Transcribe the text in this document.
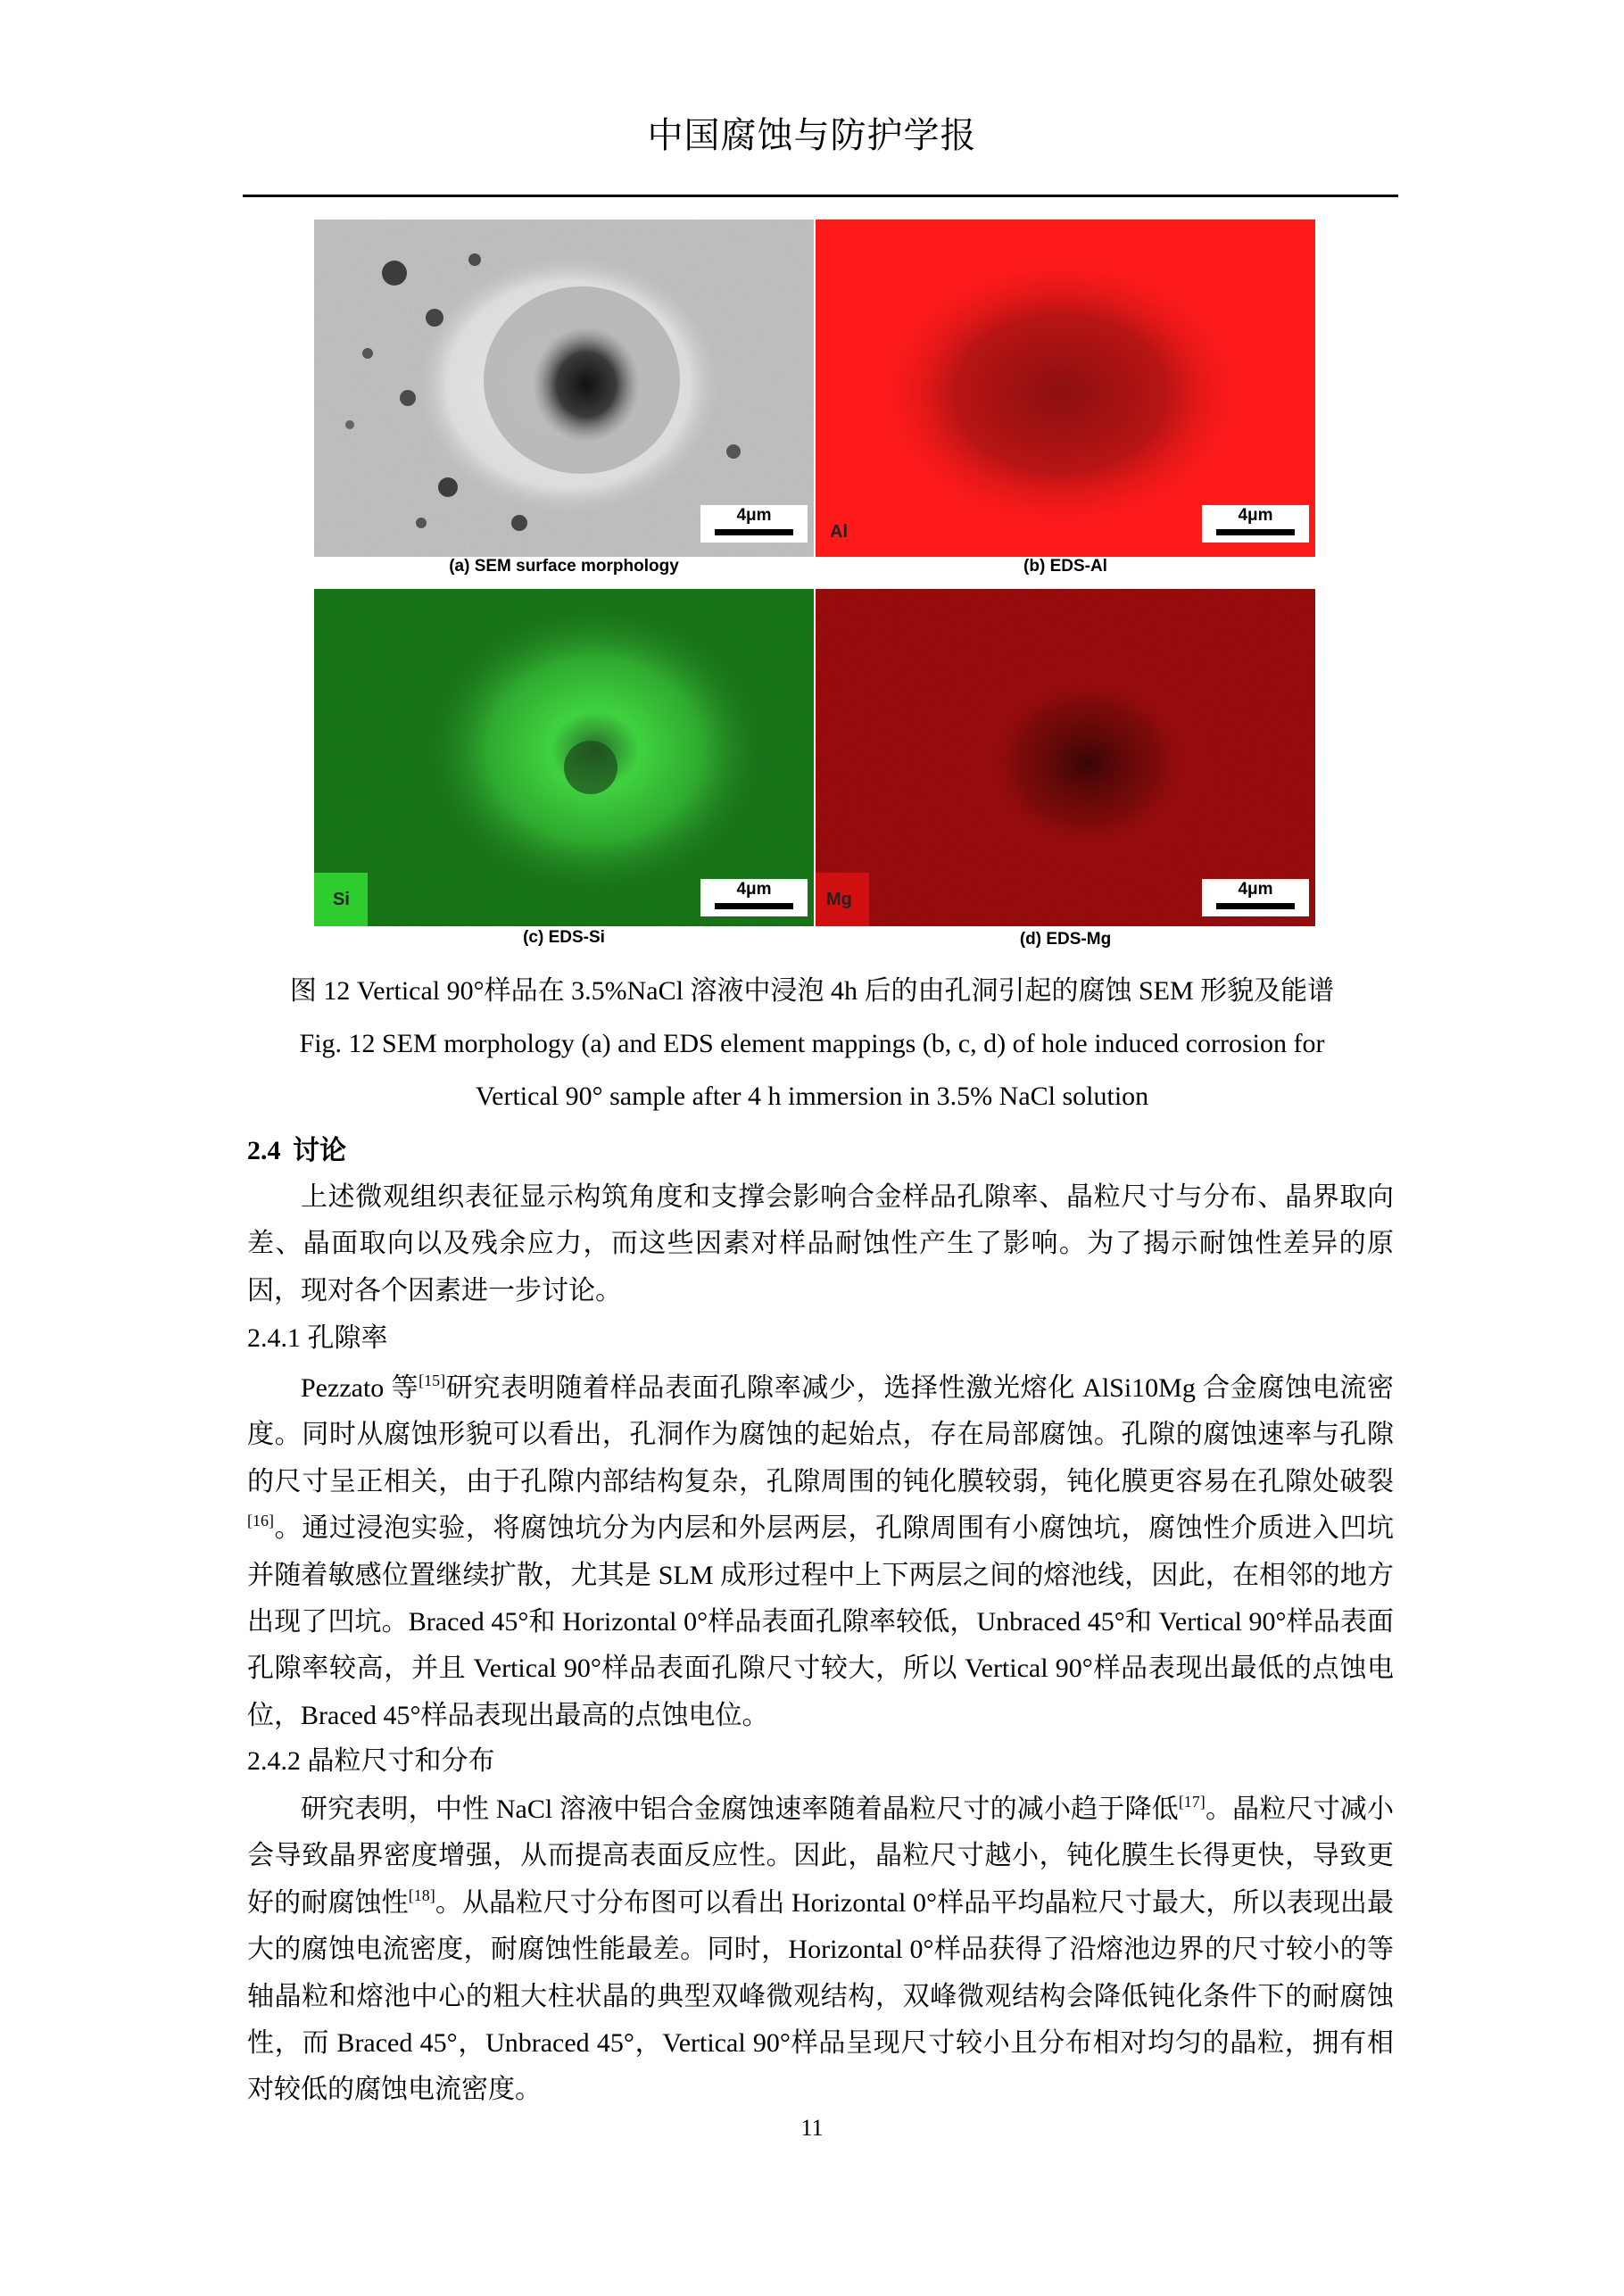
中国腐蚀与防护学报
4μm
(a) SEM surface morphology
Al
4μm
(b) EDS-Al
Si
4μm
(c) EDS-Si
Mg
4μm
(d) EDS-Mg
图 12 Vertical 90°样品在 3.5%NaCl 溶液中浸泡 4h 后的由孔洞引起的腐蚀 SEM 形貌及能谱
Fig. 12 SEM morphology (a) and EDS element mappings (b, c, d) of hole induced corrosion for
Vertical 90° sample after 4 h immersion in 3.5% NaCl solution
2.4 讨论
上述微观组织表征显示构筑角度和支撑会影响合金样品孔隙率、晶粒尺寸与分布、晶界取向差、晶面取向以及残余应力，而这些因素对样品耐蚀性产生了影响。为了揭示耐蚀性差异的原因，现对各个因素进一步讨论。
2.4.1 孔隙率
Pezzato 等[15]研究表明随着样品表面孔隙率减少，选择性激光熔化 AlSi10Mg 合金腐蚀电流密度。同时从腐蚀形貌可以看出，孔洞作为腐蚀的起始点，存在局部腐蚀。孔隙的腐蚀速率与孔隙的尺寸呈正相关，由于孔隙内部结构复杂，孔隙周围的钝化膜较弱，钝化膜更容易在孔隙处破裂[16]。通过浸泡实验，将腐蚀坑分为内层和外层两层，孔隙周围有小腐蚀坑，腐蚀性介质进入凹坑并随着敏感位置继续扩散，尤其是 SLM 成形过程中上下两层之间的熔池线，因此，在相邻的地方出现了凹坑。Braced 45°和 Horizontal 0°样品表面孔隙率较低，Unbraced 45°和 Vertical 90°样品表面孔隙率较高，并且 Vertical 90°样品表面孔隙尺寸较大，所以 Vertical 90°样品表现出最低的点蚀电位，Braced 45°样品表现出最高的点蚀电位。
2.4.2 晶粒尺寸和分布
研究表明，中性 NaCl 溶液中铝合金腐蚀速率随着晶粒尺寸的减小趋于降低[17]。晶粒尺寸减小会导致晶界密度增强，从而提高表面反应性。因此，晶粒尺寸越小，钝化膜生长得更快，导致更好的耐腐蚀性[18]。从晶粒尺寸分布图可以看出 Horizontal 0°样品平均晶粒尺寸最大，所以表现出最大的腐蚀电流密度，耐腐蚀性能最差。同时，Horizontal 0°样品获得了沿熔池边界的尺寸较小的等轴晶粒和熔池中心的粗大柱状晶的典型双峰微观结构，双峰微观结构会降低钝化条件下的耐腐蚀性，而 Braced 45°，Unbraced 45°，Vertical 90°样品呈现尺寸较小且分布相对均匀的晶粒，拥有相对较低的腐蚀电流密度。
11
